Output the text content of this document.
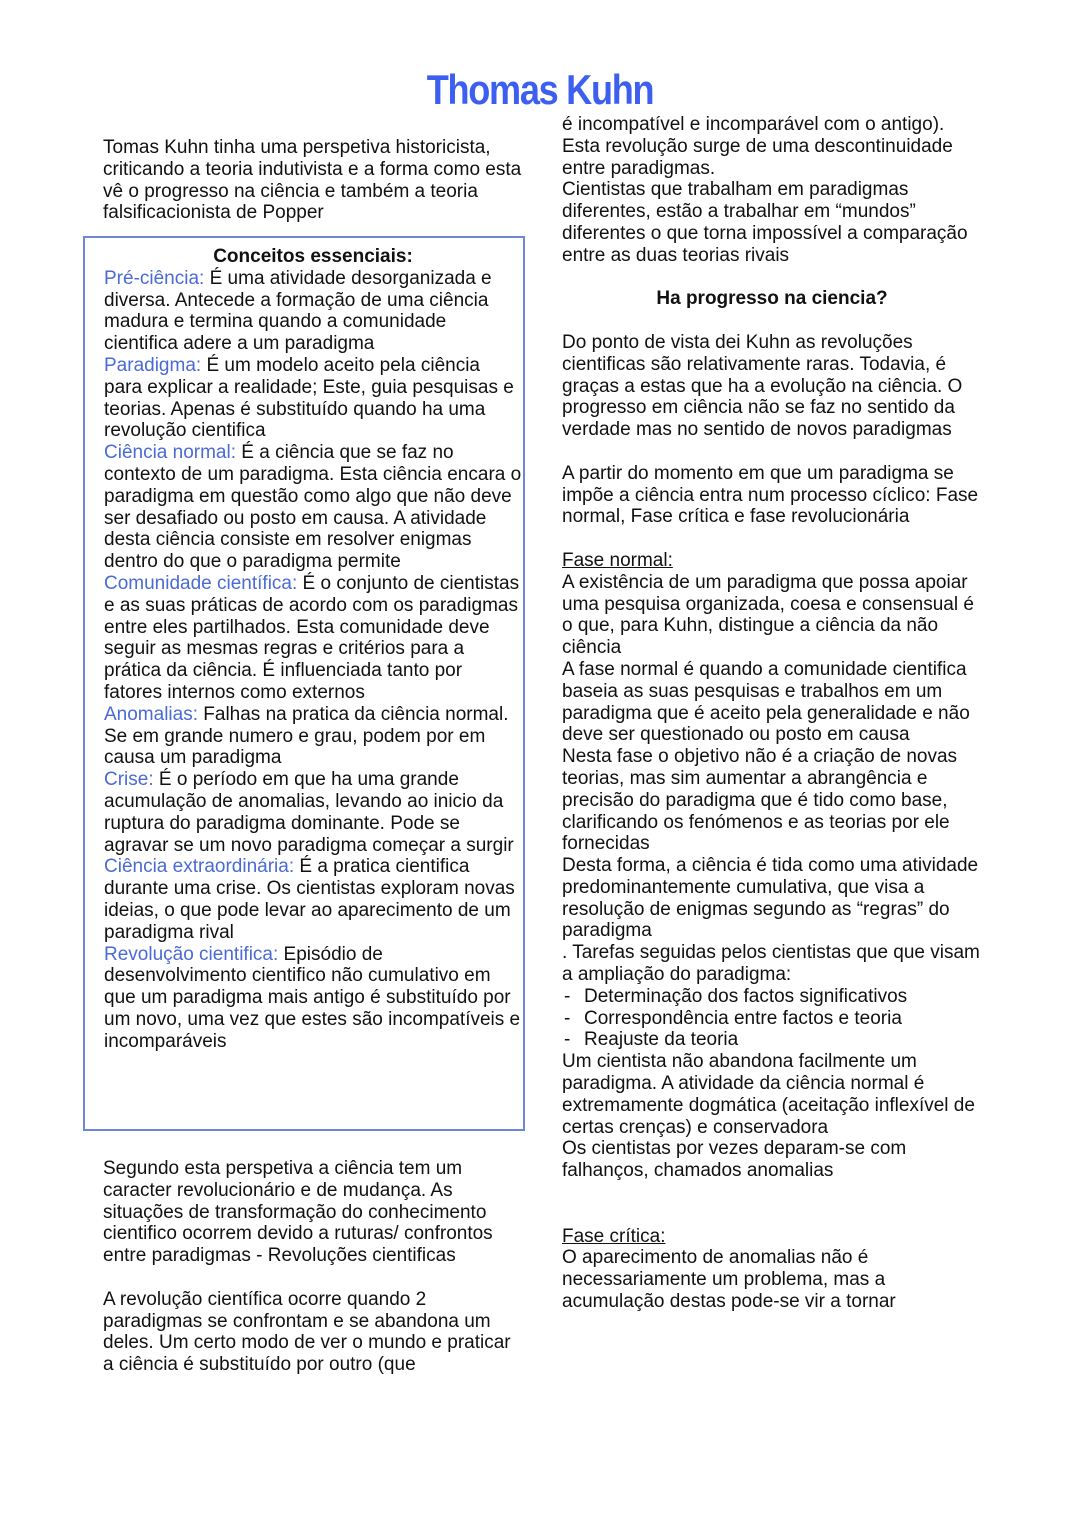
Thomas Kuhn

Tomas Kuhn tinha uma perspetiva historicista, criticando a teoria indutivista e a forma como esta vê o progresso na ciência e também a teoria falsificacionista de Popper

Conceitos essenciais:

Pré-ciência: É uma atividade desorganizada e diversa. Antecede a formação de uma ciência madura e termina quando a comunidade cientifica adere a um paradigma

Paradigma: É um modelo aceito pela ciência para explicar a realidade; Este, guia pesquisas e teorias. Apenas é substituído quando ha uma revolução cientifica

Ciência normal: É a ciência que se faz no contexto de um paradigma. Esta ciência encara o paradigma em questão como algo que não deve ser desafiado ou posto em causa. A atividade desta ciência consiste em resolver enigmas dentro do que o paradigma permite

Comunidade científica: É o conjunto de cientistas e as suas práticas de acordo com os paradigmas entre eles partilhados. Esta comunidade deve seguir as mesmas regras e critérios para a prática da ciência. É influenciada tanto por fatores internos como externos

Anomalias: Falhas na pratica da ciência normal. Se em grande numero e grau, podem por em causa um paradigma

Crise: É o período em que ha uma grande acumulação de anomalias, levando ao inicio da ruptura do paradigma dominante. Pode se agravar se um novo paradigma começar a surgir

Ciência extraordinária: É a pratica cientifica durante uma crise. Os cientistas exploram novas ideias, o que pode levar ao aparecimento de um paradigma rival

Revolução cientifica: Episódio de desenvolvimento cientifico não cumulativo em que um paradigma mais antigo é substituído por um novo, uma vez que estes são incompatíveis e incomparáveis

Segundo esta perspetiva a ciência tem um caracter revolucionário e de mudança. As situações de transformação do conhecimento cientifico ocorrem devido a ruturas/ confrontos entre paradigmas - Revoluções cientificas

A revolução científica ocorre quando 2 paradigmas se confrontam e se abandona um deles. Um certo modo de ver o mundo e praticar a ciência é substituído por outro (que

é incompatível e incomparável com o antigo). Esta revolução surge de uma descontinuidade entre paradigmas.

Cientistas que trabalham em paradigmas diferentes, estão a trabalhar em “mundos” diferentes o que torna impossível a comparação entre as duas teorias rivais

Ha progresso na ciencia?

Do ponto de vista dei Kuhn as revoluções cientificas são relativamente raras. Todavia, é graças a estas que ha a evolução na ciência. O progresso em ciência não se faz no sentido da verdade mas no sentido de novos paradigmas

A partir do momento em que um paradigma se impõe a ciência entra num processo cíclico: Fase normal, Fase crítica e fase revolucionária

Fase normal:

A existência de um paradigma que possa apoiar uma pesquisa organizada, coesa e consensual é o que, para Kuhn, distingue a ciência da não ciência

A fase normal é quando a comunidade cientifica baseia as suas pesquisas e trabalhos em um paradigma que é aceito pela generalidade e não deve ser questionado ou posto em causa

Nesta fase o objetivo não é a criação de novas teorias, mas sim aumentar a abrangência e precisão do paradigma que é tido como base, clarificando os fenómenos e as teorias por ele fornecidas

Desta forma, a ciência é tida como uma atividade predominantemente cumulativa, que visa a resolução de enigmas segundo as “regras” do paradigma

. Tarefas seguidas pelos cientistas que que visam a ampliação do paradigma:

- Determinação dos factos significativos
- Correspondência entre factos e teoria
- Reajuste da teoria

Um cientista não abandona facilmente um paradigma. A atividade da ciência normal é extremamente dogmática (aceitação inflexível de certas crenças) e conservadora

Os cientistas por vezes deparam-se com falhanços, chamados anomalias

Fase crítica:

O aparecimento de anomalias não é necessariamente um problema, mas a acumulação destas pode-se vir a tornar
